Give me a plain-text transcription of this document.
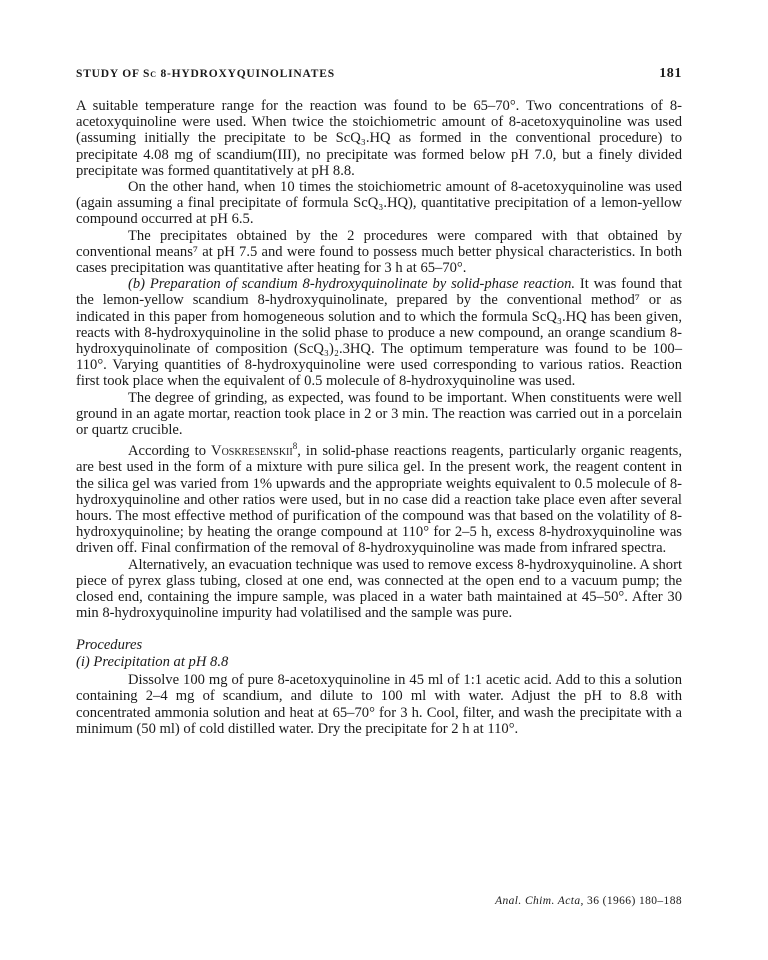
STUDY OF Sc 8-HYDROXYQUINOLINATES	181

A suitable temperature range for the reaction was found to be 65–70°. Two concentrations of 8-acetoxyquinoline were used. When twice the stoichiometric amount of 8-acetoxyquinoline was used (assuming initially the precipitate to be ScQ₃.HQ as formed in the conventional procedure) to precipitate 4.08 mg of scandium(III), no precipitate was formed below pH 7.0, but a finely divided precipitate was formed quantitatively at pH 8.8.

On the other hand, when 10 times the stoichiometric amount of 8-acetoxyquinoline was used (again assuming a final precipitate of formula ScQ₃.HQ), quantitative precipitation of a lemon-yellow compound occurred at pH 6.5.

The precipitates obtained by the 2 procedures were compared with that obtained by conventional means⁷ at pH 7.5 and were found to possess much better physical characteristics. In both cases precipitation was quantitative after heating for 3 h at 65–70°.

(b) Preparation of scandium 8-hydroxyquinolinate by solid-phase reaction. It was found that the lemon-yellow scandium 8-hydroxyquinolinate, prepared by the conventional method⁷ or as indicated in this paper from homogeneous solution and to which the formula ScQ₃.HQ has been given, reacts with 8-hydroxyquinoline in the solid phase to produce a new compound, an orange scandium 8-hydroxyquinolinate of composition (ScQ₃)₂.3HQ. The optimum temperature was found to be 100–110°. Varying quantities of 8-hydroxyquinoline were used corresponding to various ratios. Reaction first took place when the equivalent of 0.5 molecule of 8-hydroxyquinoline was used.

The degree of grinding, as expected, was found to be important. When constituents were well ground in an agate mortar, reaction took place in 2 or 3 min. The reaction was carried out in a porcelain or quartz crucible.

According to Voskresenskii$^8$, in solid-phase reactions reagents, particularly organic reagents, are best used in the form of a mixture with pure silica gel. In the present work, the reagent content in the silica gel was varied from 1% upwards and the appropriate weights equivalent to 0.5 molecule of 8-hydroxyquinoline and other ratios were used, but in no case did a reaction take place even after several hours. The most effective method of purification of the compound was that based on the volatility of 8-hydroxyquinoline; by heating the orange compound at 110° for 2–5 h, excess 8-hydroxyquinoline was driven off. Final confirmation of the removal of 8-hydroxyquinoline was made from infrared spectra.

Alternatively, an evacuation technique was used to remove excess 8-hydroxyquinoline. A short piece of pyrex glass tubing, closed at one end, was connected at the open end to a vacuum pump; the closed end, containing the impure sample, was placed in a water bath maintained at 45–50°. After 30 min 8-hydroxyquinoline impurity had volatilised and the sample was pure.

Procedures
(i) Precipitation at pH 8.8

Dissolve 100 mg of pure 8-acetoxyquinoline in 45 ml of 1:1 acetic acid. Add to this a solution containing 2–4 mg of scandium, and dilute to 100 ml with water. Adjust the pH to 8.8 with concentrated ammonia solution and heat at 65–70° for 3 h. Cool, filter, and wash the precipitate with a minimum (50 ml) of cold distilled water. Dry the precipitate for 2 h at 110°.

Anal. Chim. Acta, 36 (1966) 180–188
